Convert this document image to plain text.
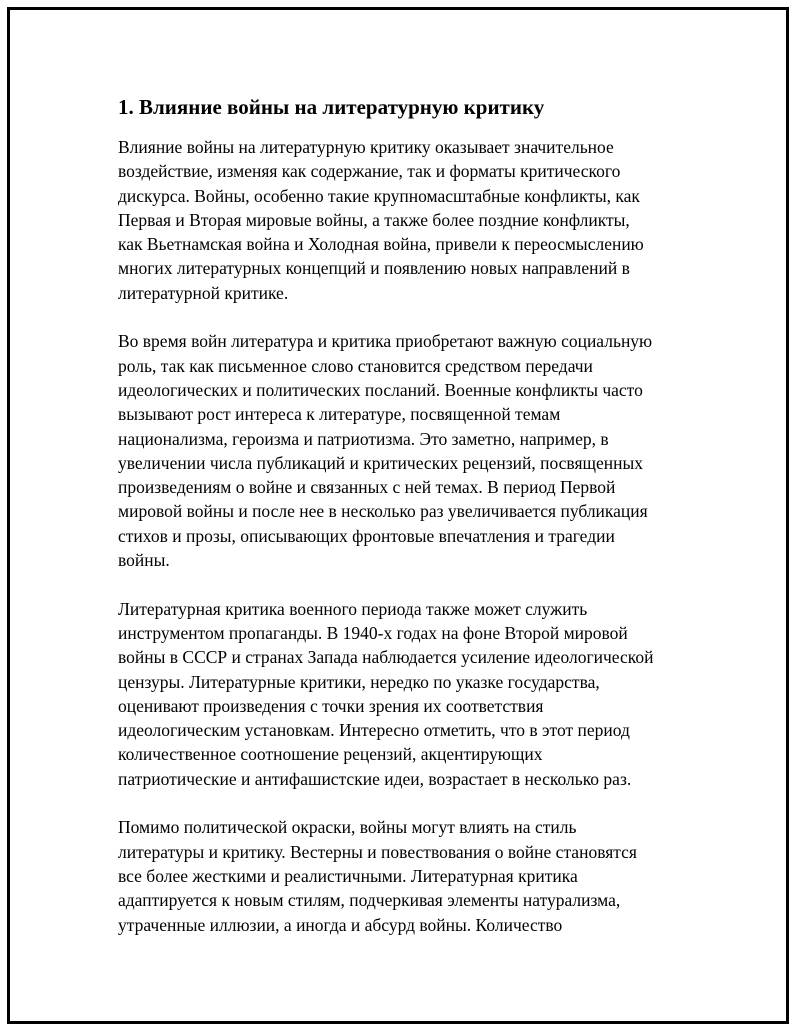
1. Влияние войны на литературную критику
Влияние войны на литературную критику оказывает значительное
воздействие, изменяя как содержание, так и форматы критического
дискурса. Войны, особенно такие крупномасштабные конфликты, как
Первая и Вторая мировые войны, а также более поздние конфликты,
как Вьетнамская война и Холодная война, привели к переосмыслению
многих литературных концепций и появлению новых направлений в
литературной критике.
Во время войн литература и критика приобретают важную социальную
роль, так как письменное слово становится средством передачи
идеологических и политических посланий. Военные конфликты часто
вызывают рост интереса к литературе, посвященной темам
национализма, героизма и патриотизма. Это заметно, например, в
увеличении числа публикаций и критических рецензий, посвященных
произведениям о войне и связанных с ней темах. В период Первой
мировой войны и после нее в несколько раз увеличивается публикация
стихов и прозы, описывающих фронтовые впечатления и трагедии
войны.
Литературная критика военного периода также может служить
инструментом пропаганды. В 1940-х годах на фоне Второй мировой
войны в СССР и странах Запада наблюдается усиление идеологической
цензуры. Литературные критики, нередко по указке государства,
оценивают произведения с точки зрения их соответствия
идеологическим установкам. Интересно отметить, что в этот период
количественное соотношение рецензий, акцентирующих
патриотические и антифашистские идеи, возрастает в несколько раз.
Помимо политической окраски, войны могут влиять на стиль
литературы и критику. Вестерны и повествования о войне становятся
все более жесткими и реалистичными. Литературная критика
адаптируется к новым стилям, подчеркивая элементы натурализма,
утраченные иллюзии, а иногда и абсурд войны. Количество
